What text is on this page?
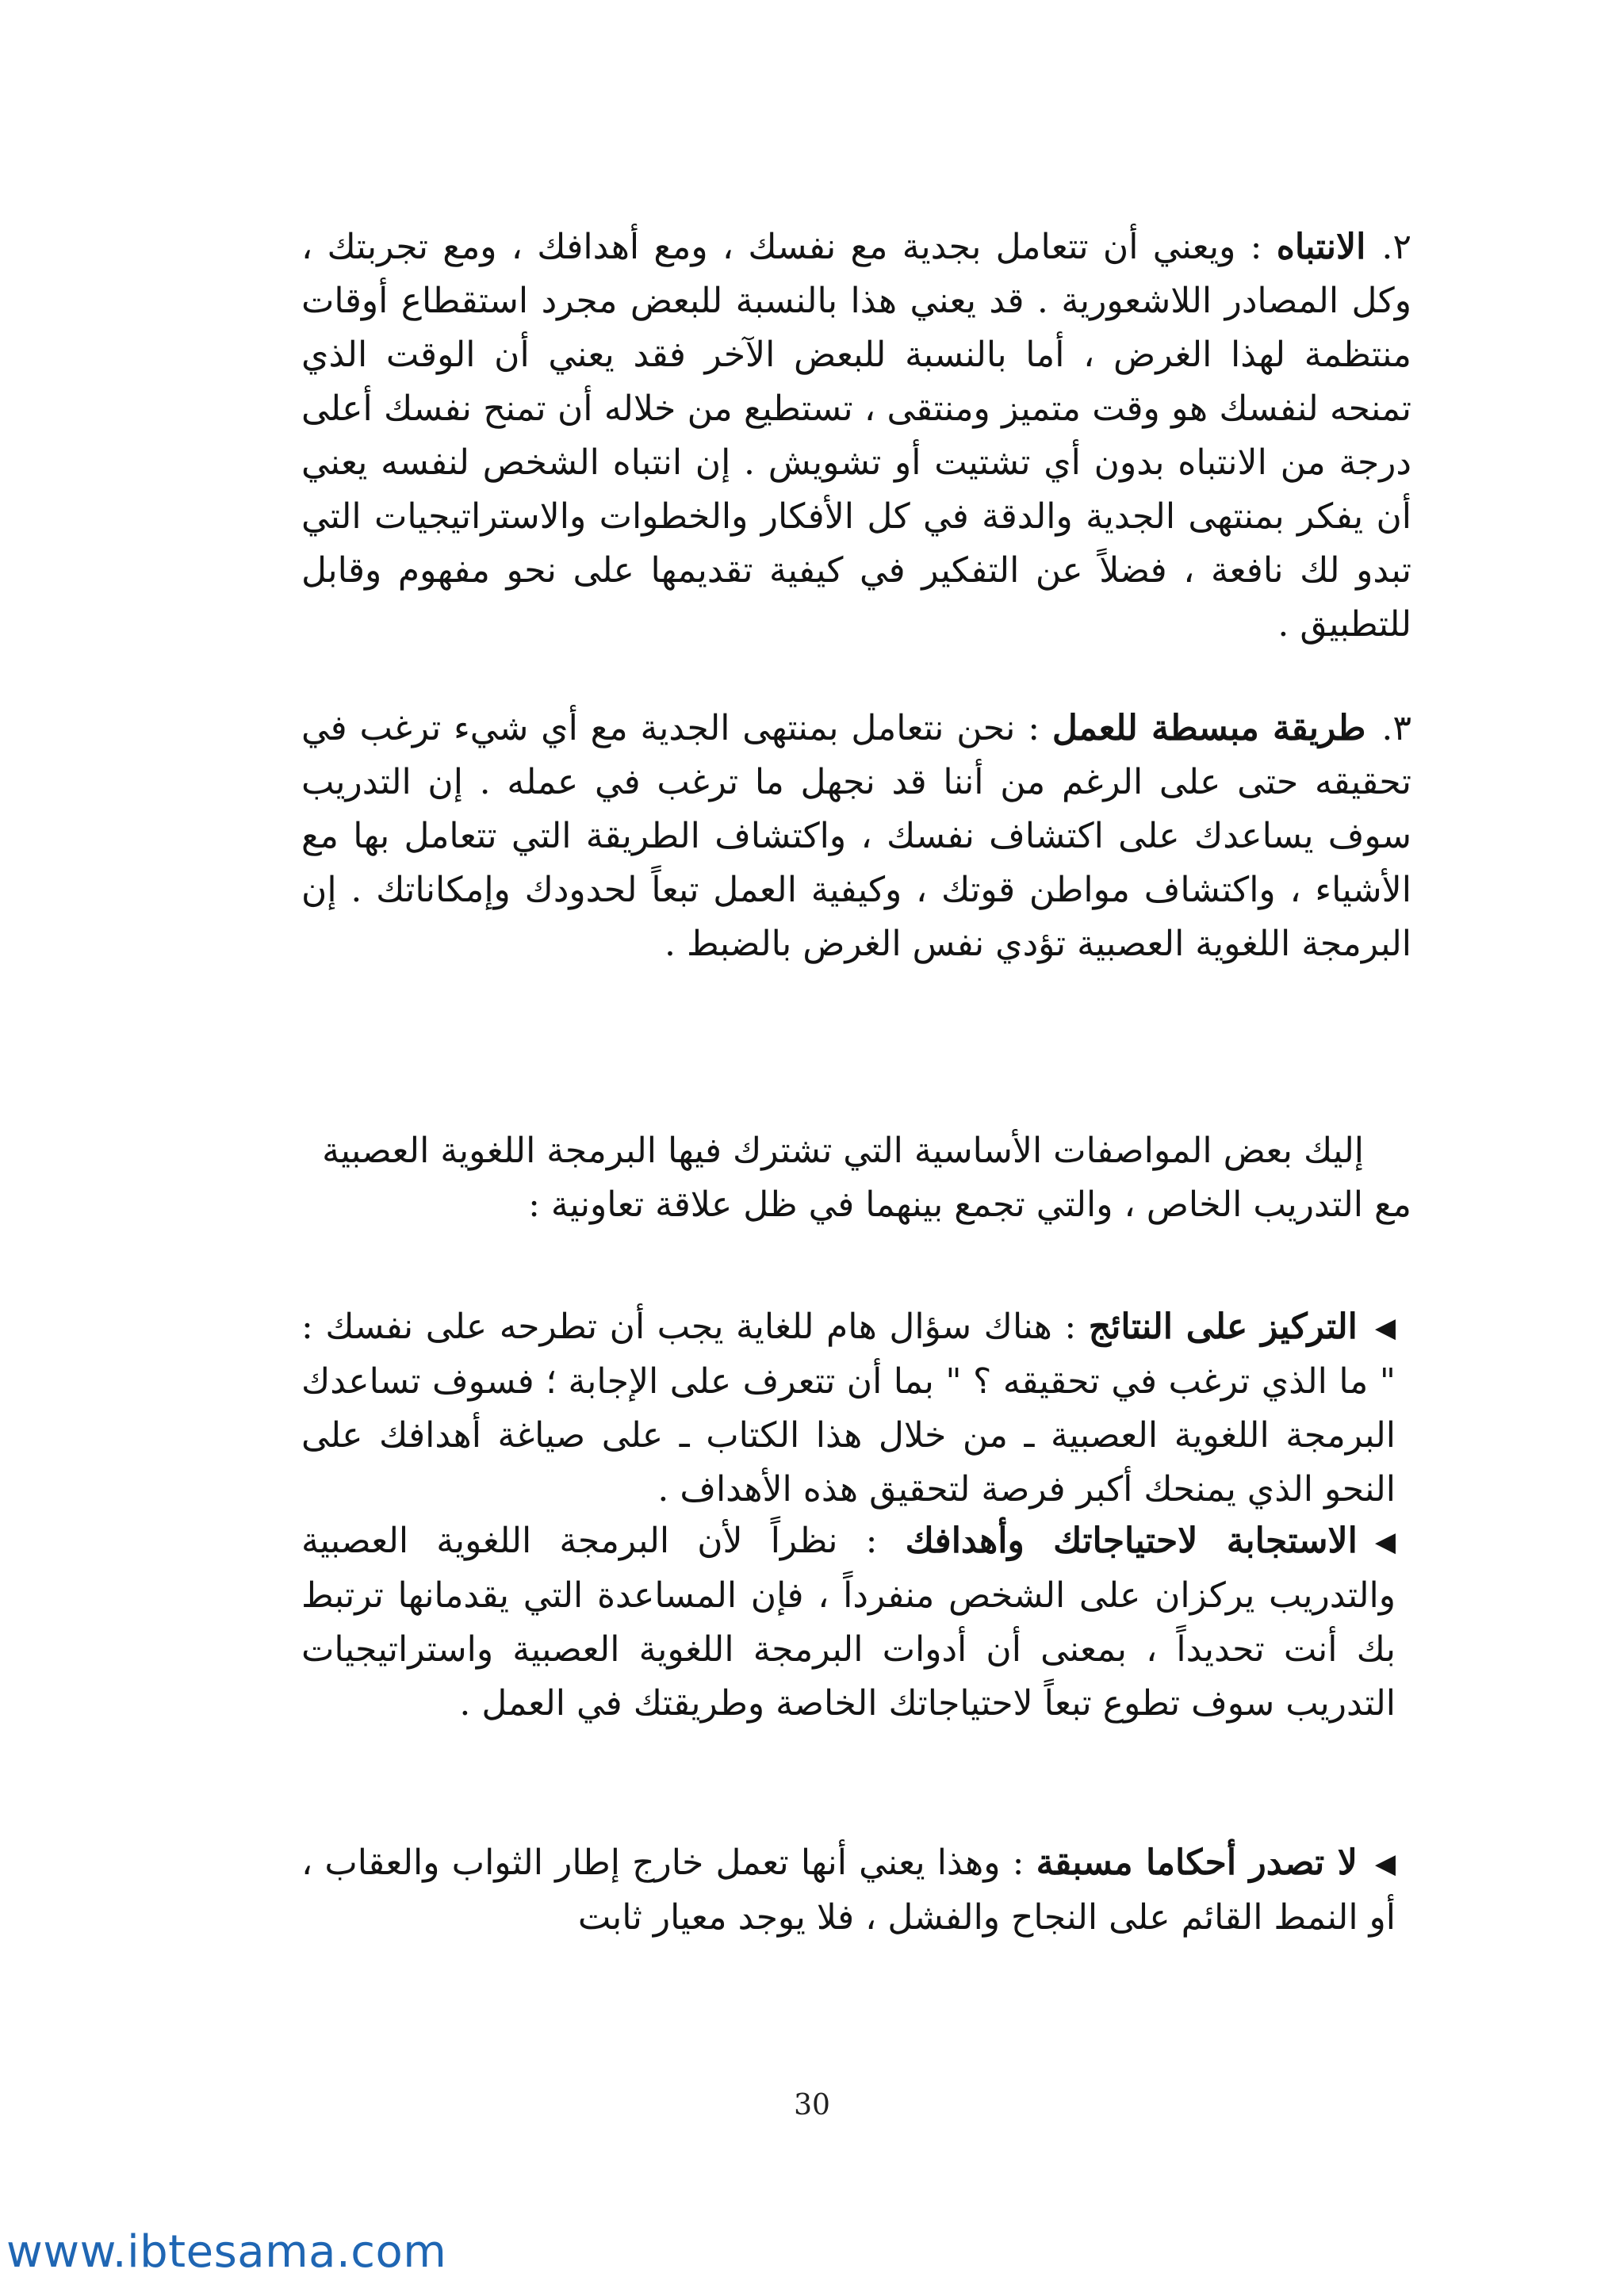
٢.الانتباه : ويعني أن تتعامل بجدية مع نفسك ، ومع أهدافك ، ومع تجربتك ، وكل المصادر اللاشعورية . قد يعني هذا بالنسبة للبعض مجرد استقطاع أوقات منتظمة لهذا الغرض ، أما بالنسبة للبعض الآخر فقد يعني أن الوقت الذي تمنحه لنفسك هو وقت متميز ومنتقى ، تستطيع من خلاله أن تمنح نفسك أعلى درجة من الانتباه بدون أي تشتيت أو تشويش . إن انتباه الشخص لنفسه يعني أن يفكر بمنتهى الجدية والدقة في كل الأفكار والخطوات والاستراتيجيات التي تبدو لك نافعة ، فضلاً عن التفكير في كيفية تقديمها على نحو مفهوم وقابل للتطبيق .

٣.طريقة مبسطة للعمل : نحن نتعامل بمنتهى الجدية مع أي شيء ترغب في تحقيقه حتى على الرغم من أننا قد نجهل ما ترغب في عمله . إن التدريب سوف يساعدك على اكتشاف نفسك ، واكتشاف الطريقة التي تتعامل بها مع الأشياء ، واكتشاف مواطن قوتك ، وكيفية العمل تبعاً لحدودك وإمكاناتك . إن البرمجة اللغوية العصبية تؤدي نفس الغرض بالضبط .

إليك بعض المواصفات الأساسية التي تشترك فيها البرمجة اللغوية العصبية

مع التدريب الخاص ، والتي تجمع بينهما في ظل علاقة تعاونية :

◀التركيز على النتائج : هناك سؤال هام للغاية يجب أن تطرحه على نفسك : " ما الذي ترغب في تحقيقه ؟ " بما أن تتعرف على الإجابة ؛ فسوف تساعدك البرمجة اللغوية العصبية ـ من خلال هذا الكتاب ـ على صياغة أهدافك على النحو الذي يمنحك أكبر فرصة لتحقيق هذه الأهداف .

◀الاستجابة لاحتياجاتك وأهدافك : نظراً لأن البرمجة اللغوية العصبية والتدريب يركزان على الشخص منفرداً ، فإن المساعدة التي يقدمانها ترتبط بك أنت تحديداً ، بمعنى أن أدوات البرمجة اللغوية العصبية واستراتيجيات التدريب سوف تطوع تبعاً لاحتياجاتك الخاصة وطريقتك في العمل .

◀لا تصدر أحكاما مسبقة : وهذا يعني أنها تعمل خارج إطار الثواب والعقاب ، أو النمط القائم على النجاح والفشل ، فلا يوجد معيار ثابت

30
www.ibtesama.com
